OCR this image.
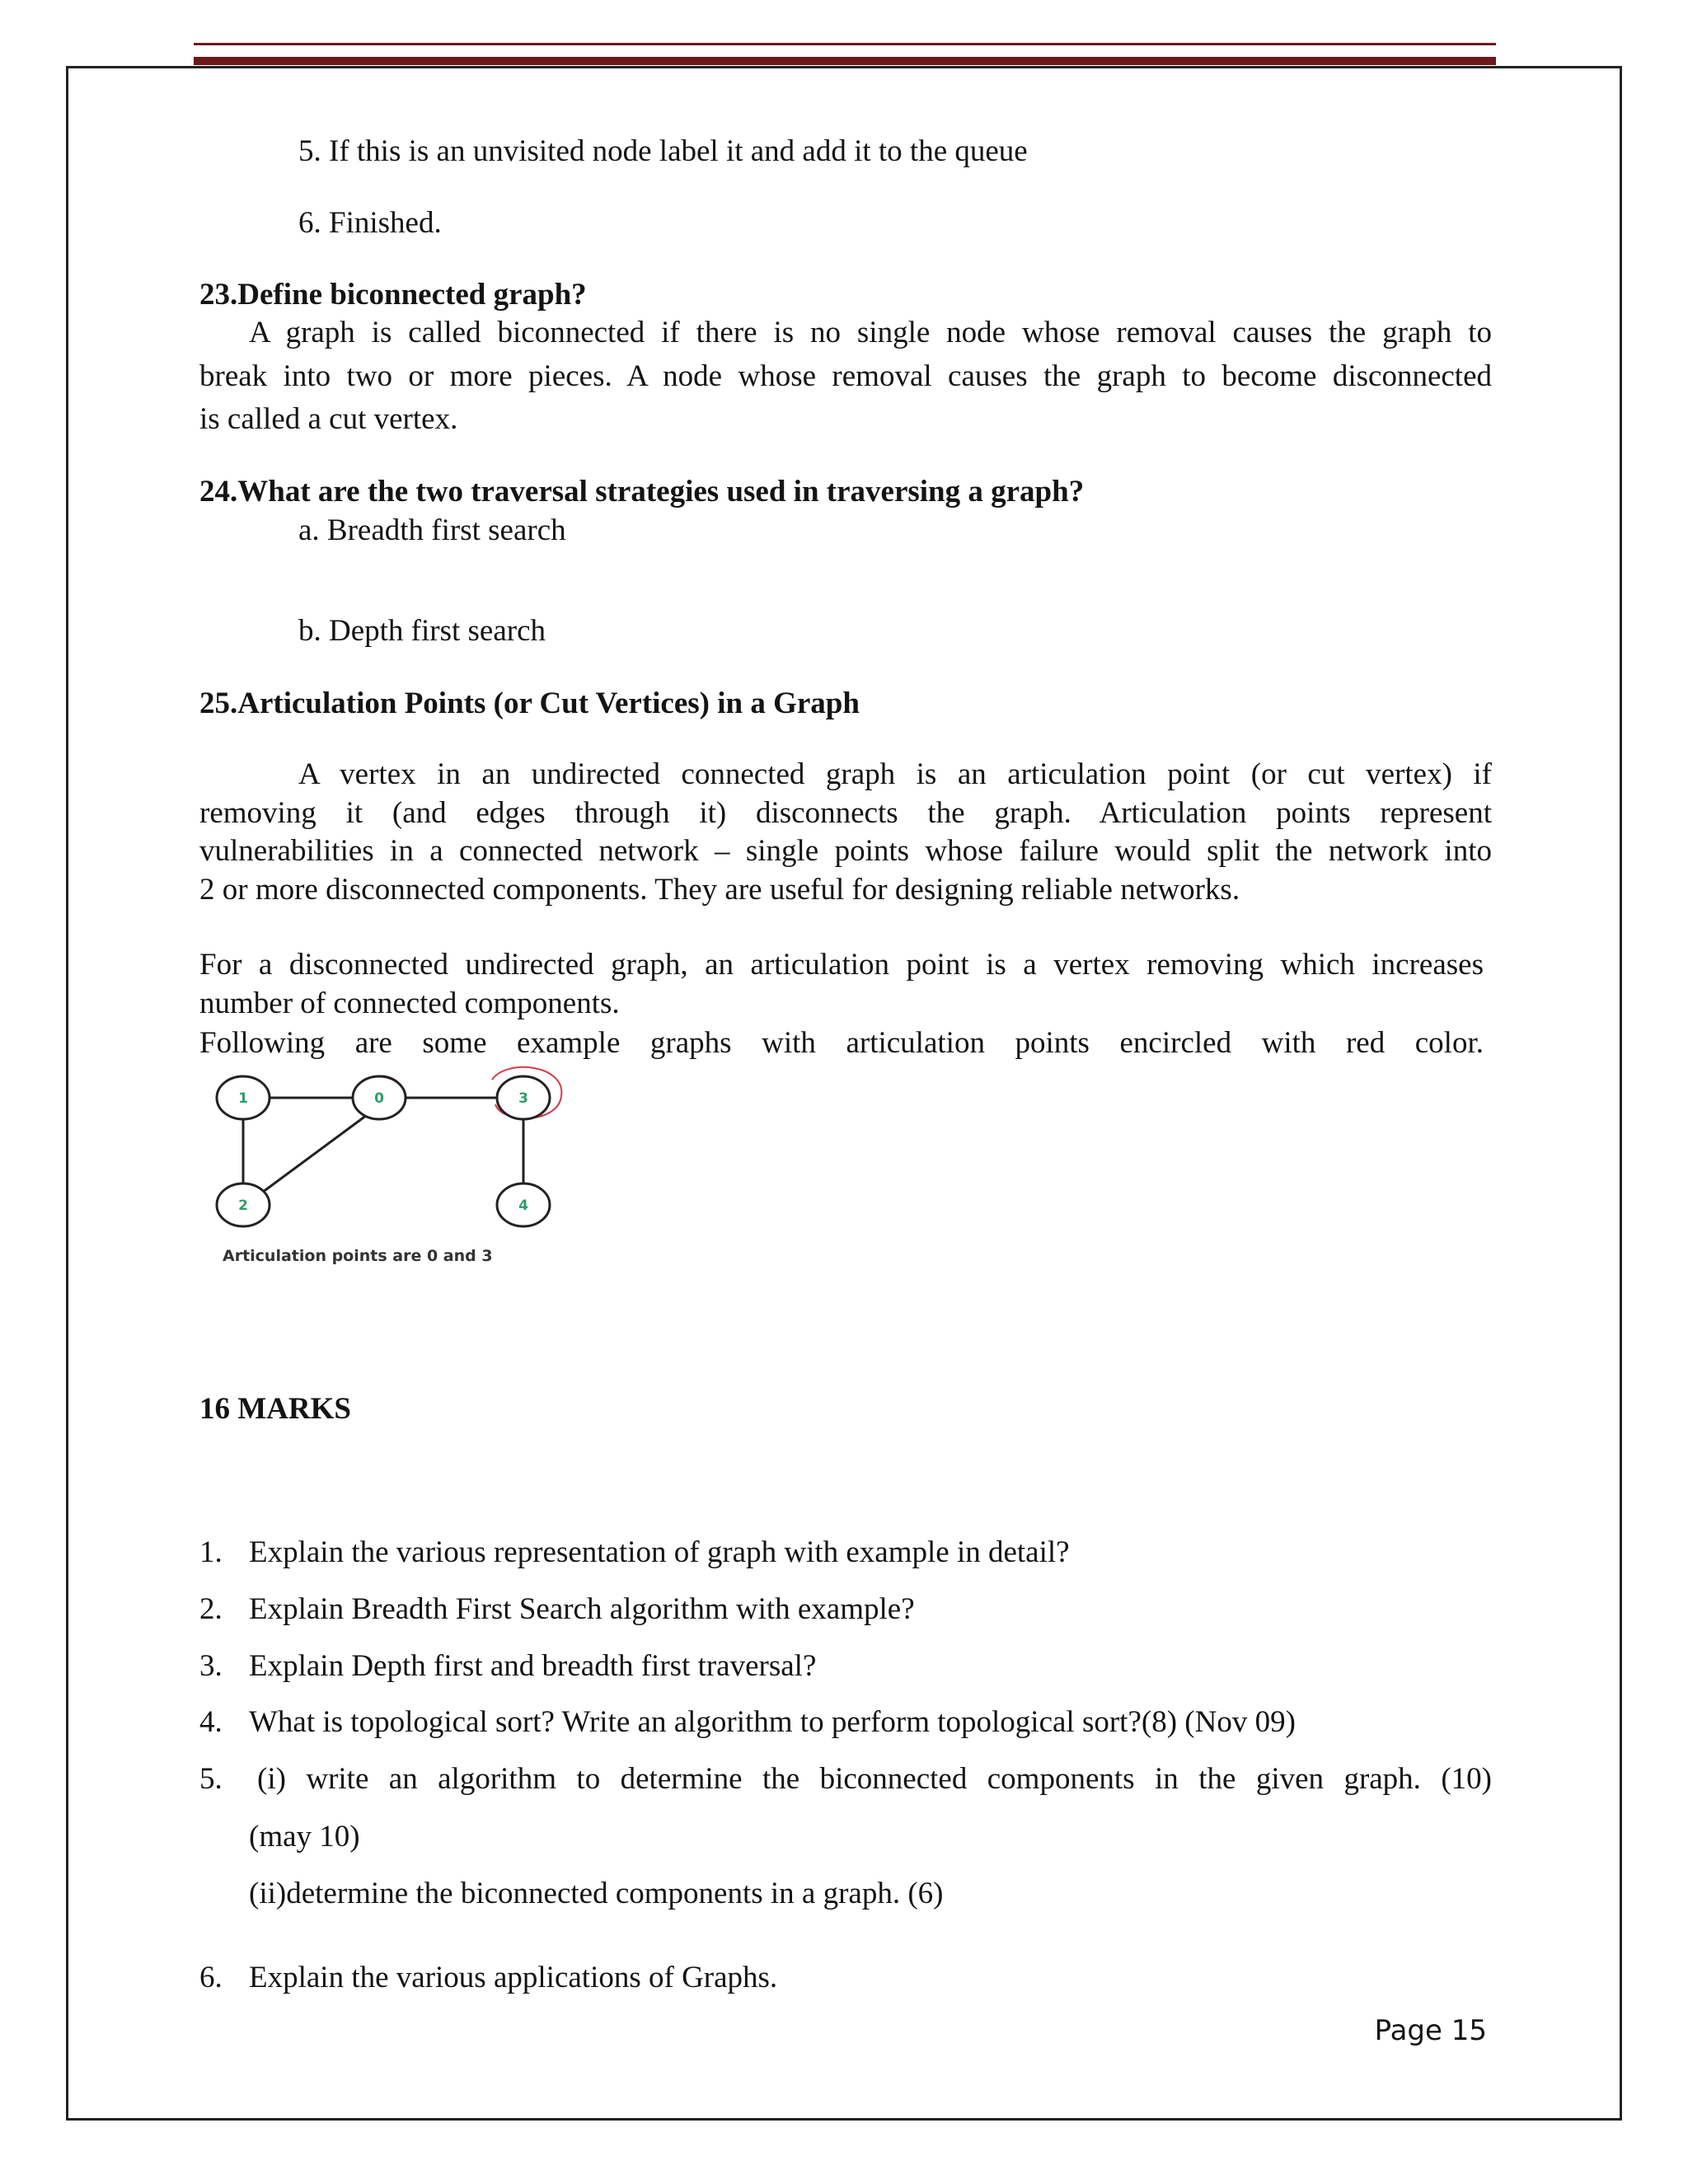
5. If this is an unvisited node label it and add it to the queue
6. Finished.
23.Define biconnected graph?
A graph is called biconnected if there is no single node whose removal causes the graph to
break into two or more pieces. A node whose removal causes the graph to become disconnected
is called a cut vertex.
24.What are the two traversal strategies used in traversing a graph?
a. Breadth first search
b. Depth first search
25.Articulation Points (or Cut Vertices) in a Graph
A vertex in an undirected connected graph is an articulation point (or cut vertex) if
removing it (and edges through it) disconnects the graph. Articulation points represent
vulnerabilities in a connected network – single points whose failure would split the network into
2 or more disconnected components. They are useful for designing reliable networks.
For a disconnected undirected graph, an articulation point is a vertex removing which increases
number of connected components.
Following are some example graphs with articulation points encircled with red color.
1	0	3
2	4
Articulation points are 0 and 3
16 MARKS
1. Explain the various representation of graph with example in detail?
2. Explain Breadth First Search algorithm with example?
3. Explain Depth first and breadth first traversal?
4. What is topological sort? Write an algorithm to perform topological sort?(8) (Nov 09)
5. (i) write an algorithm to determine the biconnected components in the given graph. (10)
(may 10)
(ii)determine the biconnected components in a graph. (6)
6. Explain the various applications of Graphs.
Page 15
